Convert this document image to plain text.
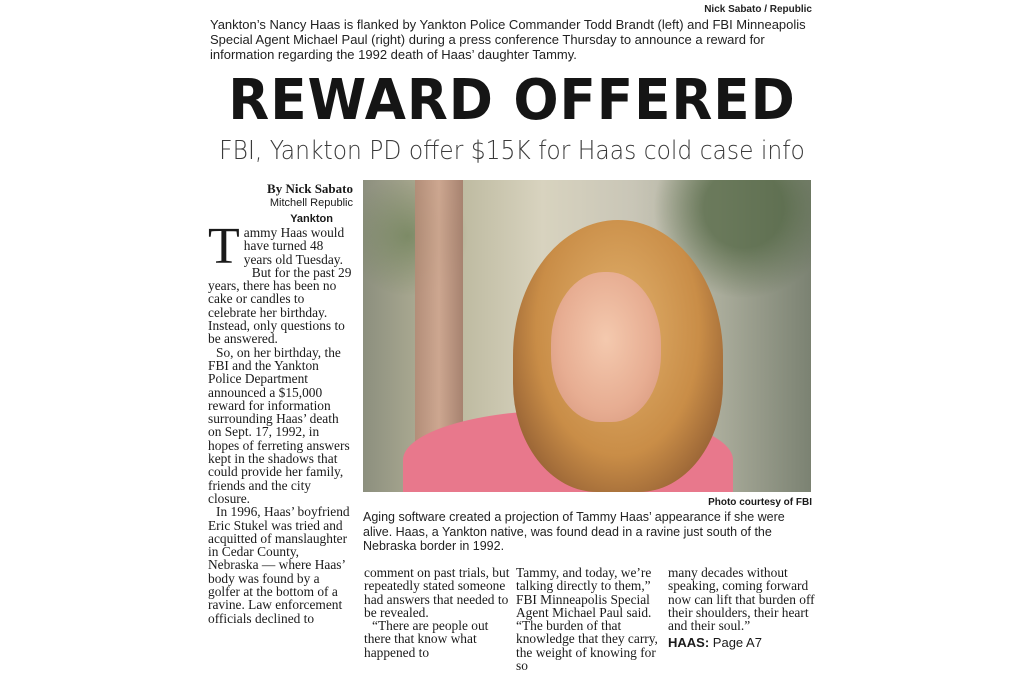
Nick Sabato / Republic
Yankton’s Nancy Haas is flanked by Yankton Police Commander Todd Brandt (left) and FBI Minneapolis Special Agent Michael Paul (right) during a press conference Thursday to announce a reward for information regarding the 1992 death of Haas’ daughter Tammy.
REWARD OFFERED
FBI, Yankton PD offer $15K for Haas cold case info
By Nick Sabato
Mitchell Republic
Yankton

Tammy Haas would have turned 48 years old Tuesday.

But for the past 29 years, there has been no cake or candles to celebrate her birthday. Instead, only questions to be answered.

So, on her birthday, the FBI and the Yankton Police Department announced a $15,000 reward for information surrounding Haas’ death on Sept. 17, 1992, in hopes of ferreting answers kept in the shadows that could provide her family, friends and the city closure.

In 1996, Haas’ boyfriend Eric Stukel was tried and acquitted of manslaughter in Cedar County, Nebraska — where Haas’ body was found by a golfer at the bottom of a ravine. Law enforcement officials declined to

Photo courtesy of FBI
Aging software created a projection of Tammy Haas’ appearance if she were alive. Haas, a Yankton native, was found dead in a ravine just south of the Nebraska border in 1992.

comment on past trials, but repeatedly stated someone had answers that needed to be revealed.

“There are people out there that know what happened to

Tammy, and today, we’re talking directly to them,” FBI Minneapolis Special Agent Michael Paul said. “The burden of that knowledge that they carry, the weight of knowing for so

many decades without speaking, coming forward now can lift that burden off their shoulders, their heart and their soul.”

HAAS: Page A7
